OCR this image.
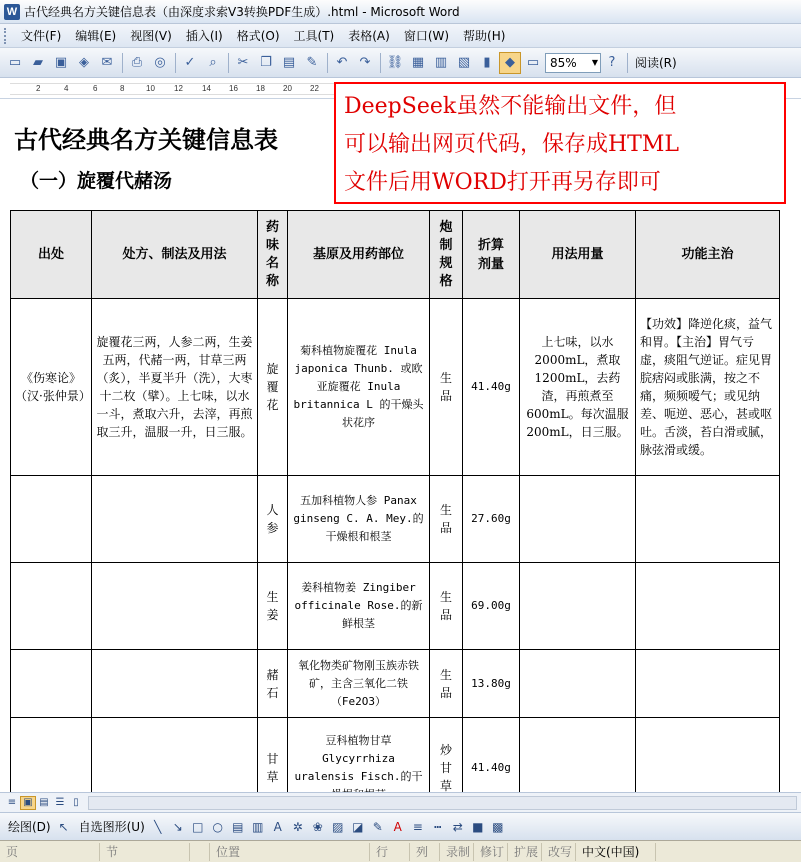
W 古代经典名方关键信息表（由深度求索V3转换PDF生成）.html - Microsoft Word
文件(F)	编辑(E)	视图(V)	插入(I)	格式(O)	工具(T)	表格(A)	窗口(W)	帮助(H)
▭ ▰ ▣ ◈ ✉	⎙ ◎	✓	⌕	✂ ❐ ▤ ✎	↶ ↷	⛓ ▦ ▥ ▧	▮	◆ ▭ 85% ▼ ?	阅读(R)
2	4	6	8	10 12 14 16 18 20 22
古代经典名方关键信息表
（一）旋覆代赭汤
DeepSeek虽然不能输出文件，但
可以输出网页代码，保存成HTML
文件后用WORD打开再另存即可
出处	处方、制法及用法	药味名称	基原及用药部位	炮制规格	折算剂量	用法用量	功能主治
《伤寒论》（汉·张仲景）	旋覆花三两，人参二两，生姜五两，代赭一两，甘草三两（炙），半夏半升（洗），大枣十二枚（擘）。上七味，以水一斗，煮取六升，去滓，再煎取三升，温服一升，日三服。	旋覆花	菊科植物旋覆花 Inula japonica Thunb. 或欧亚旋覆花 Inula britannica L 的干燥头状花序	生品	41.40g	上七味，以水2000mL，煮取1200mL，去药渣，再煎煮至600mL。每次温服 200mL，日三服。	【功效】降逆化痰，益气和胃。【主治】胃气亏虚，痰阻气逆证。症见胃脘痞闷或胀满，按之不痛，频频嗳气；或见纳差、呃逆、恶心，甚或呕吐。舌淡，苔白滑或腻，脉弦滑或缓。
		人参	五加科植物人参 Panax ginseng C. A. Mey.的干燥根和根茎	生品	27.60g		
		生姜	姜科植物姜 Zingiber officinale Rose.的新鲜根茎	生品	69.00g		
		赭石	氧化物类矿物刚玉族赤铁矿，主含三氧化二铁（Fe2O3）	生品	13.80g		
		甘草	豆科植物甘草 Glycyrrhiza uralensis Fisch.的干	炒甘草	41.40g		
≡ ▣ ▤ ☰ ▯
绘图(D) ↖ 自选图形(U) ╲ ↘ □ ○ ▤ ▥ A ✲ ❀ ▨ ◪ ✎ A ≡ ┅ ⇄ ■ ▩
页	节	位置	行	列	录制 修订 扩展 改写 中文(中国)
